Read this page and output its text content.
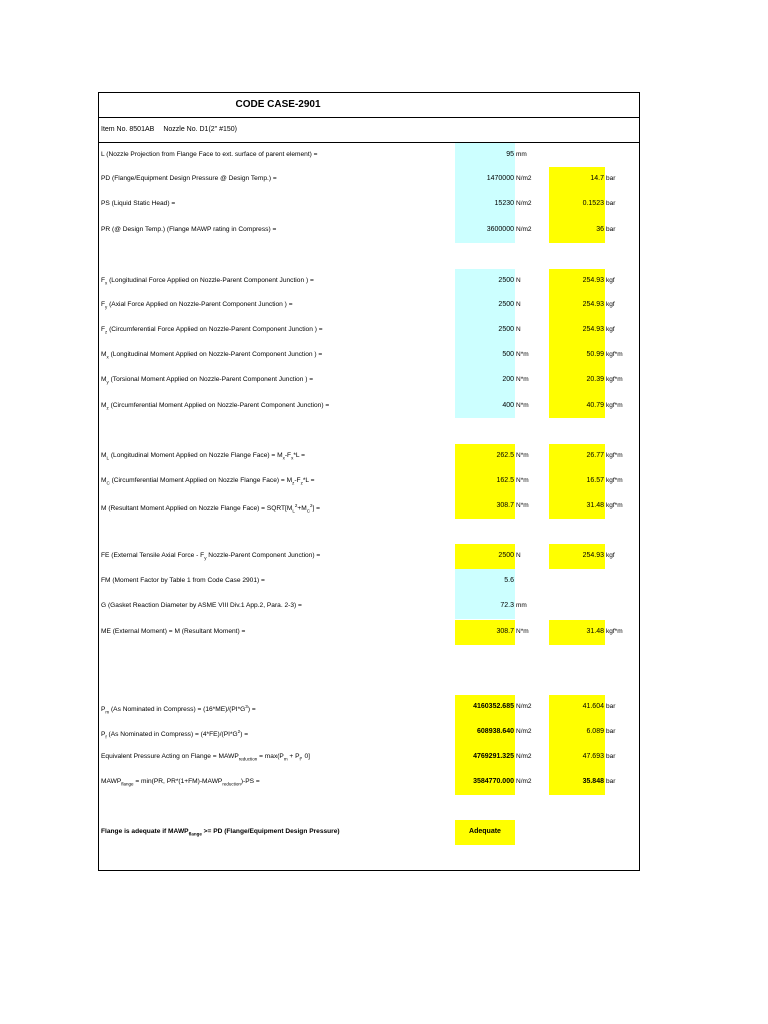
CODE CASE-2901
Item No. 8501AB Nozzle No. D1(2" #150)
L (Nozzle Projection from Flange Face to ext. surface of parent element) =	95 mm
PD (Flange/Equipment Design Pressure @ Design Temp.) =	1470000 N/m2	14.7 bar
PS (Liquid Static Head) =	15230 N/m2	0.1523 bar
PR (@ Design Temp.) (Flange MAWP rating in Compress) =	3600000 N/m2	36 bar
$F_x$ (Longitudinal Force Applied on Nozzle-Parent Component Junction ) =	2500 N	254.93 kgf
$F_y$ (Axial Force Applied on Nozzle-Parent Component Junction ) =	2500 N	254.93 kgf
$F_z$ (Circumferential Force Applied on Nozzle-Parent Component Junction ) =	2500 N	254.93 kgf
$M_x$ (Longitudinal Moment Applied on Nozzle-Parent Component Junction ) =	500 N*m	50.99 kgf*m
$M_y$ (Torsional Moment Applied on Nozzle-Parent Component Junction ) =	200 N*m	20.39 kgf*m
$M_z$ (Circumferential Moment Applied on Nozzle-Parent Component Junction) =	400 N*m	40.79 kgf*m
$M_L$ (Longitudinal Moment Applied on Nozzle Flange Face) = $M_x-F_x*L$ =	262.5 N*m	26.77 kgf*m
$M_C$ (Circumferential Moment Applied on Nozzle Flange Face) = $M_z-F_z*L$ =	162.5 N*m	16.57 kgf*m
M (Resultant Moment Applied on Nozzle Flange Face) = $SQRT[M_L^2+M_C^2]$ =	308.7 N*m	31.48 kgf*m
FE (External Tensile Axial Force - $F_y$ Nozzle-Parent Component Junction) =	2500 N	254.93 kgf
FM (Moment Factor by Table 1 from Code Case 2901) =	5.6
G (Gasket Reaction Diameter by ASME VIII Div.1 App.2, Para. 2-3) =	72.3 mm
ME (External Moment) = M (Resultant Moment) =	308.7 N*m	31.48 kgf*m
$P_m$ (As Nominated in Compress) = $(16*ME)/(PI*G^3)$ =	4160352.685 N/m2	41.604 bar
$P_f$ (As Nominated in Compress) = $(4*FE)/(PI*G^2)$ =	608938.640 N/m2	6.089 bar
Equivalent Pressure Acting on Flange = $MAWP_{reduction} = \max(P_m + P_f$, 0]	4769291.325 N/m2	47.693 bar
$MAWP_{flange} = \min(PR$, $PR*(1+FM)-MAWP_{reduction})-PS$ =	3584770.000 N/m2	35.848 bar
Flange is adequate if $MAWP_{flange}$ >= PD (Flange/Equipment Design Pressure)	Adequate
